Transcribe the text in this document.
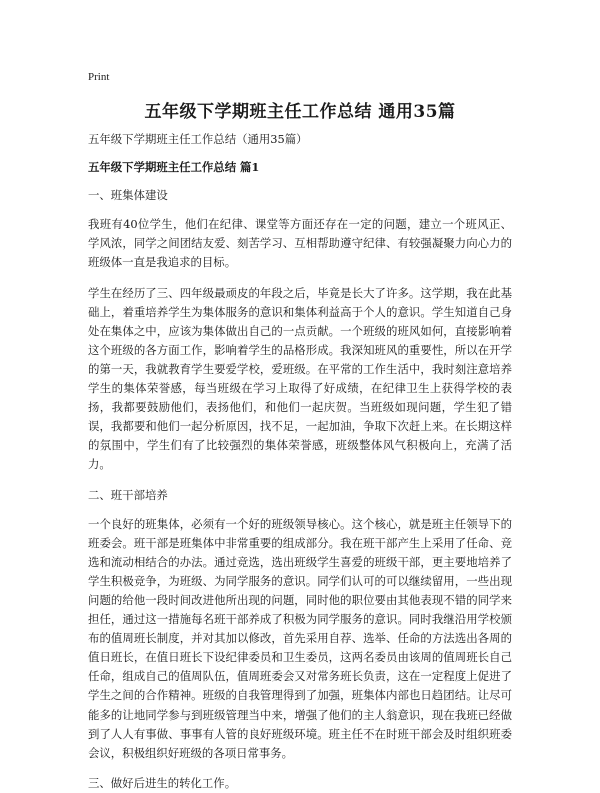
Print
五年级下学期班主任工作总结 通用35篇

五年级下学期班主任工作总结（通用35篇）

五年级下学期班主任工作总结 篇1

一、班集体建设

我班有40位学生，他们在纪律、课堂等方面还存在一定的问题，建立一个班风正、学风浓，同学之间团结友爱、刻苦学习、互相帮助遵守纪律、有较强凝聚力向心力的班级体一直是我追求的目标。

学生在经历了三、四年级最顽皮的年段之后，毕竟是长大了许多。这学期，我在此基础上，着重培养学生为集体服务的意识和集体利益高于个人的意识。学生知道自己身处在集体之中，应该为集体做出自己的一点贡献。一个班级的班风如何，直接影响着这个班级的各方面工作，影响着学生的品格形成。我深知班风的重要性，所以在开学的第一天，我就教育学生要爱学校，爱班级。在平常的工作生活中，我时刻注意培养学生的集体荣誉感，每当班级在学习上取得了好成绩，在纪律卫生上获得学校的表扬，我都要鼓励他们，表扬他们，和他们一起庆贺。当班级如现问题，学生犯了错误，我都要和他们一起分析原因，找不足，一起加油，争取下次赶上来。在长期这样的氛围中，学生们有了比较强烈的集体荣誉感，班级整体风气积极向上，充满了活力。

二、班干部培养

一个良好的班集体，必须有一个好的班级领导核心。这个核心，就是班主任领导下的班委会。班干部是班集体中非常重要的组成部分。我在班干部产生上采用了任命、竞选和流动相结合的办法。通过竞选，选出班级学生喜爱的班级干部，更主要地培养了学生积极竞争，为班级、为同学服务的意识。同学们认可的可以继续留用，一些出现问题的给他一段时间改进他所出现的问题，同时他的职位要由其他表现不错的同学来担任，通过这一措施每名班干部养成了积极为同学服务的意识。同时我继沿用学校颁布的值周班长制度，并对其加以修改，首先采用自荐、选举、任命的方法选出各周的值日班长，在值日班长下设纪律委员和卫生委员，这两名委员由该周的值周班长自己任命，组成自己的值周队伍，值周班委会又对常务班长负责，这在一定程度上促进了学生之间的合作精神。班级的自我管理得到了加强，班集体内部也日趋团结。让尽可能多的让地同学参与到班级管理当中来，增强了他们的主人翁意识，现在我班已经做到了人人有事做、事事有人管的良好班级环境。班主任不在时班干部会及时组织班委会议，积极组织好班级的各项日常事务。

三、做好后进生的转化工作。
